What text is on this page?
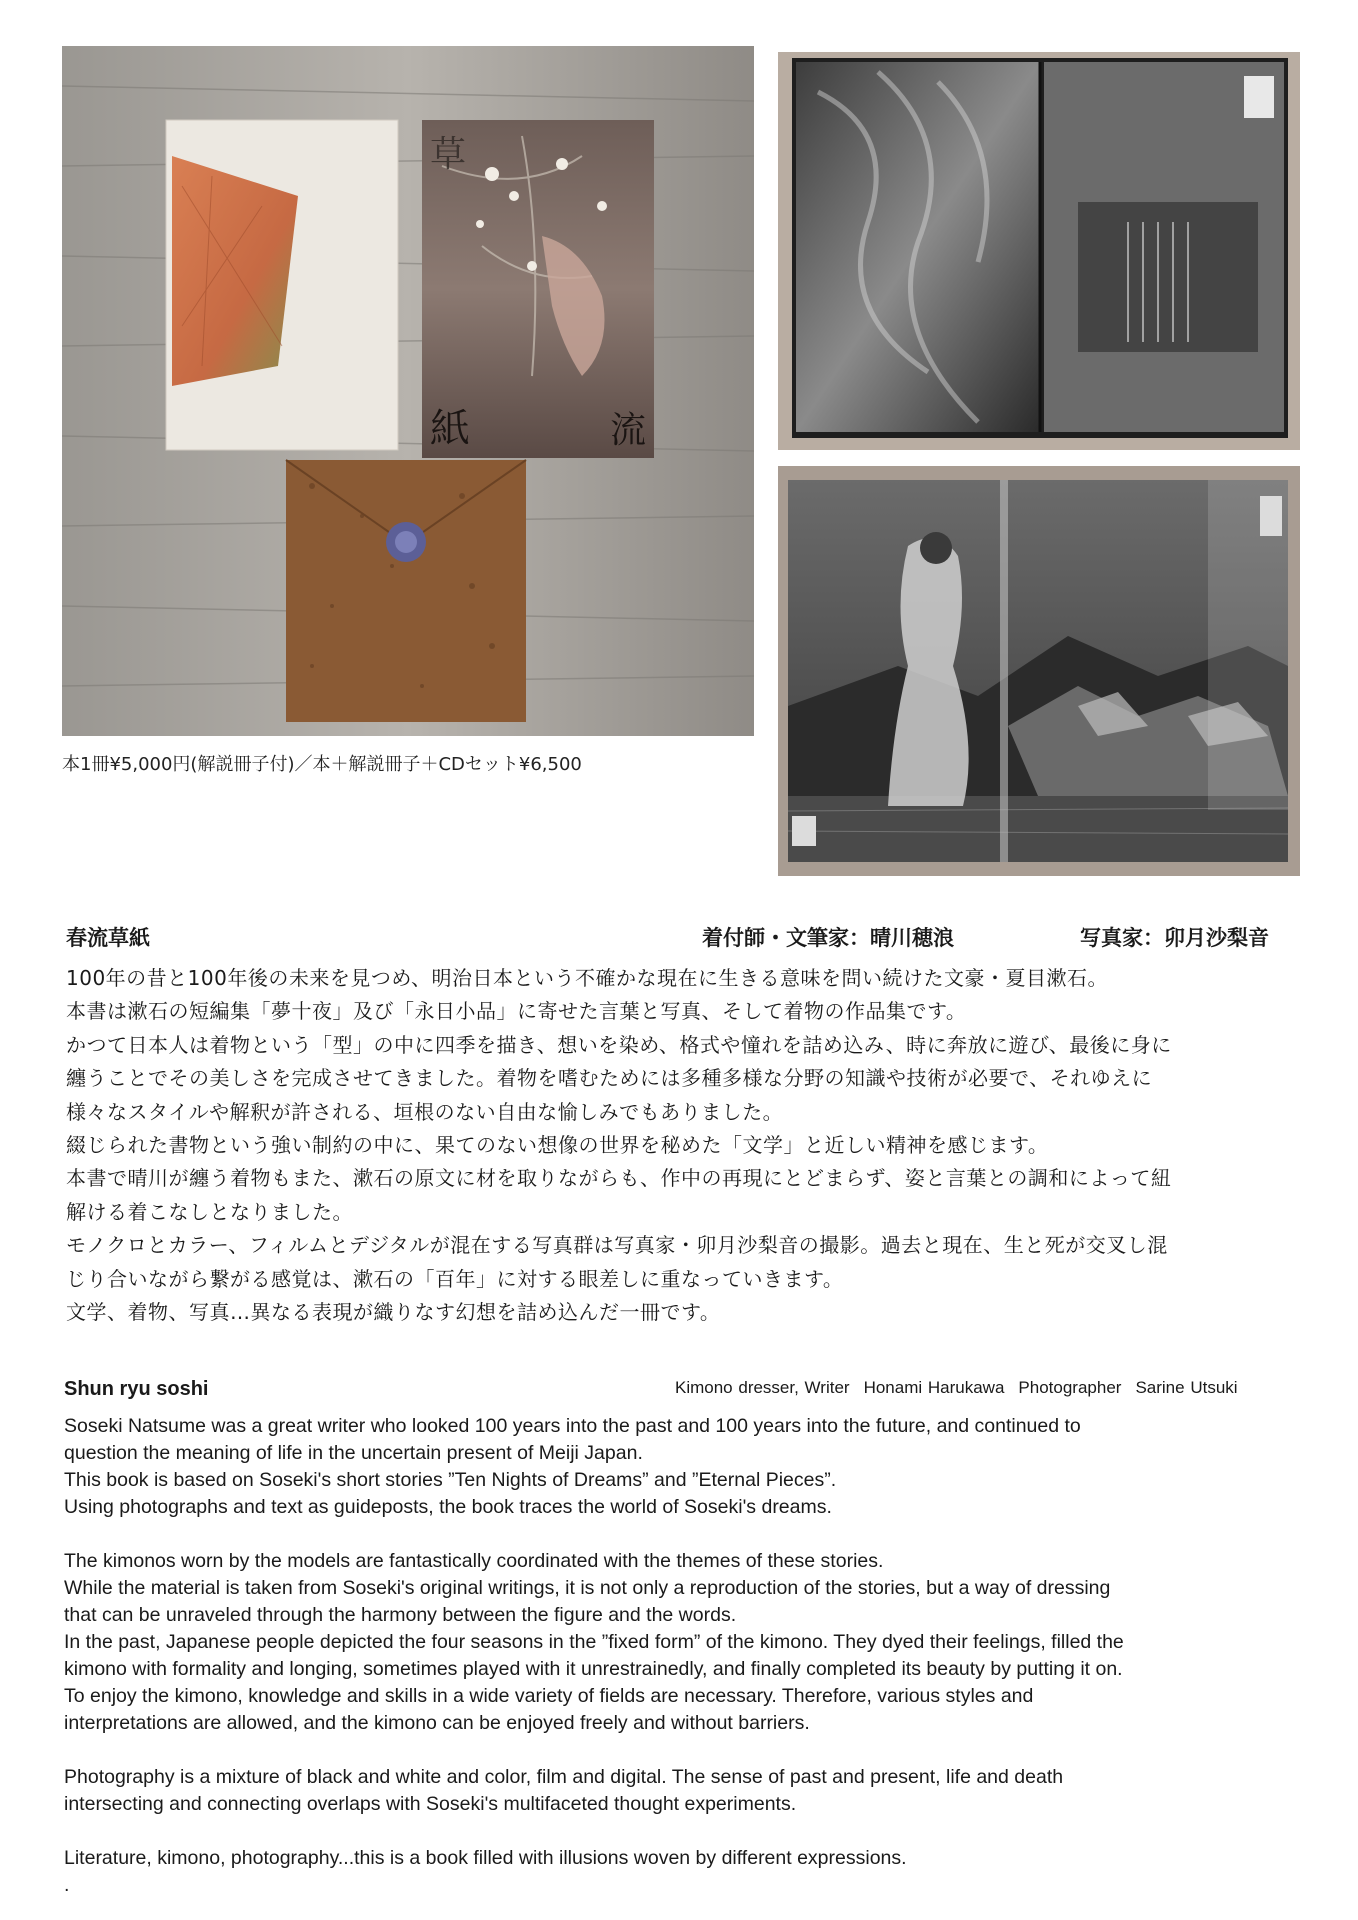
草
紙	流
本1冊¥5,000円(解説冊子付)／本＋解説冊子＋CDセット¥6,500
春流草紙	着付師・文筆家：晴川穂浪	写真家：卯月沙梨音

100年の昔と100年後の未来を見つめ、明治日本という不確かな現在に生きる意味を問い続けた文豪・夏目漱石。

本書は漱石の短編集「夢十夜」及び「永日小品」に寄せた言葉と写真、そして着物の作品集です。

かつて日本人は着物という「型」の中に四季を描き、想いを染め、格式や憧れを詰め込み、時に奔放に遊び、最後に身に

纏うことでその美しさを完成させてきました。着物を嗜むためには多種多様な分野の知識や技術が必要で、それゆえに

様々なスタイルや解釈が許される、垣根のない自由な愉しみでもありました。

綴じられた書物という強い制約の中に、果てのない想像の世界を秘めた「文学」と近しい精神を感じます。

本書で晴川が纏う着物もまた、漱石の原文に材を取りながらも、作中の再現にとどまらず、姿と言葉との調和によって紐

解ける着こなしとなりました。

モノクロとカラー、フィルムとデジタルが混在する写真群は写真家・卯月沙梨音の撮影。過去と現在、生と死が交叉し混

じり合いながら繋がる感覚は、漱石の「百年」に対する眼差しに重なっていきます。

文学、着物、写真…異なる表現が織りなす幻想を詰め込んだ一冊です。

Shun ryu soshi	Kimono dresser, Writer Honami Harukawa Photographer Sarine Utsuki

Soseki Natsume was a great writer who looked 100 years into the past and 100 years into the future, and continued to

question the meaning of life in the uncertain present of Meiji Japan.

This book is based on Soseki's short stories ”Ten Nights of Dreams” and ”Eternal Pieces”.

Using photographs and text as guideposts, the book traces the world of Soseki's dreams.

The kimonos worn by the models are fantastically coordinated with the themes of these stories.

While the material is taken from Soseki's original writings, it is not only a reproduction of the stories, but a way of dressing

that can be unraveled through the harmony between the figure and the words.

In the past, Japanese people depicted the four seasons in the ”fixed form” of the kimono. They dyed their feelings, filled the

kimono with formality and longing, sometimes played with it unrestrainedly, and finally completed its beauty by putting it on.

To enjoy the kimono, knowledge and skills in a wide variety of fields are necessary. Therefore, various styles and

interpretations are allowed, and the kimono can be enjoyed freely and without barriers.

Photography is a mixture of black and white and color, film and digital. The sense of past and present, life and death

intersecting and connecting overlaps with Soseki's multifaceted thought experiments.

Literature, kimono, photography...this is a book filled with illusions woven by different expressions.

.
